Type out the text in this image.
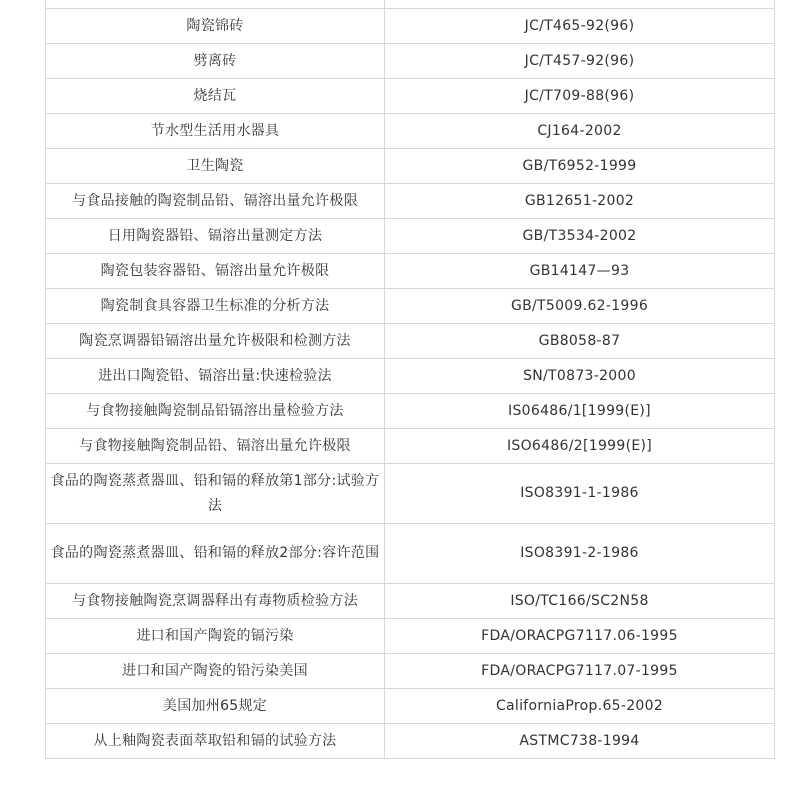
陶瓷锦砖	JC/T465-92(96)
劈离砖	JC/T457-92(96)
烧结瓦	JC/T709-88(96)
节水型生活用水器具	CJ164-2002
卫生陶瓷	GB/T6952-1999
与食品接触的陶瓷制品铅、镉溶出量允许极限	GB12651-2002
日用陶瓷器铅、镉溶出量测定方法	GB/T3534-2002
陶瓷包装容器铅、镉溶出量允许极限	GB14147—93
陶瓷制食具容器卫生标准的分析方法	GB/T5009.62-1996
陶瓷烹调器铅镉溶出量允许极限和检测方法	GB8058-87
进出口陶瓷铅、镉溶出量:快速检验法	SN/T0873-2000
与食物接触陶瓷制品铅镉溶出量检验方法	IS06486/1[1999(E)]
与食物接触陶瓷制品铅、镉溶出量允许极限	ISO6486/2[1999(E)]
食品的陶瓷蒸煮器皿、铅和镉的释放第1部分:试验方法	ISO8391-1-1986
食品的陶瓷蒸煮器皿、铅和镉的释放2部分:容许范围	ISO8391-2-1986
与食物接触陶瓷烹调器释出有毒物质检验方法	ISO/TC166/SC2N58
进口和国产陶瓷的镉污染	FDA/ORACPG7117.06-1995
进口和国产陶瓷的铅污染美国	FDA/ORACPG7117.07-1995
美国加州65规定	CaliforniaProp.65-2002
从上釉陶瓷表面萃取铅和镉的试验方法	ASTMC738-1994
